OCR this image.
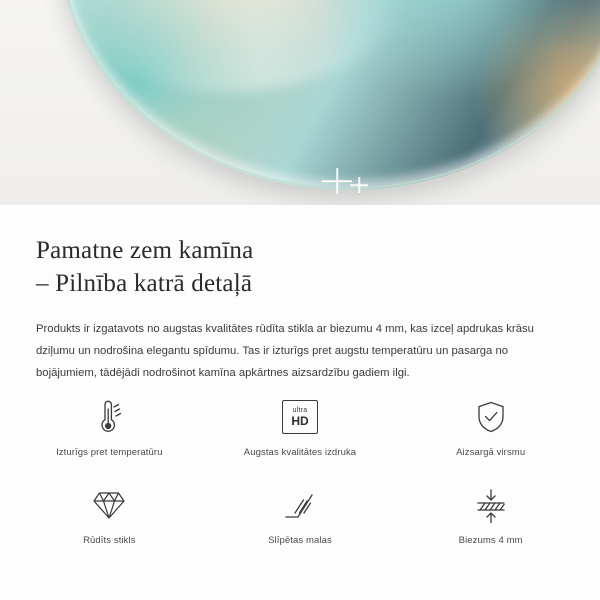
Pamatne zem kamīna
– Pilnība katrā detaļā

Produkts ir izgatavots no augstas kvalitātes rūdīta stikla ar biezumu 4 mm, kas izceļ apdrukas krāsu dziļumu un nodrošina elegantu spīdumu. Tas ir izturīgs pret augstu temperatūru un pasarga no bojājumiem, tādējādi nodrošinot kamīna apkārtnes aizsardzību gadiem ilgi.

Izturīgs pret temperatūru
ultra
HD
Augstas kvalitātes izdruka	Aizsargā virsmu
Rūdīts stikls	Slīpētas malas	Biezums 4 mm
